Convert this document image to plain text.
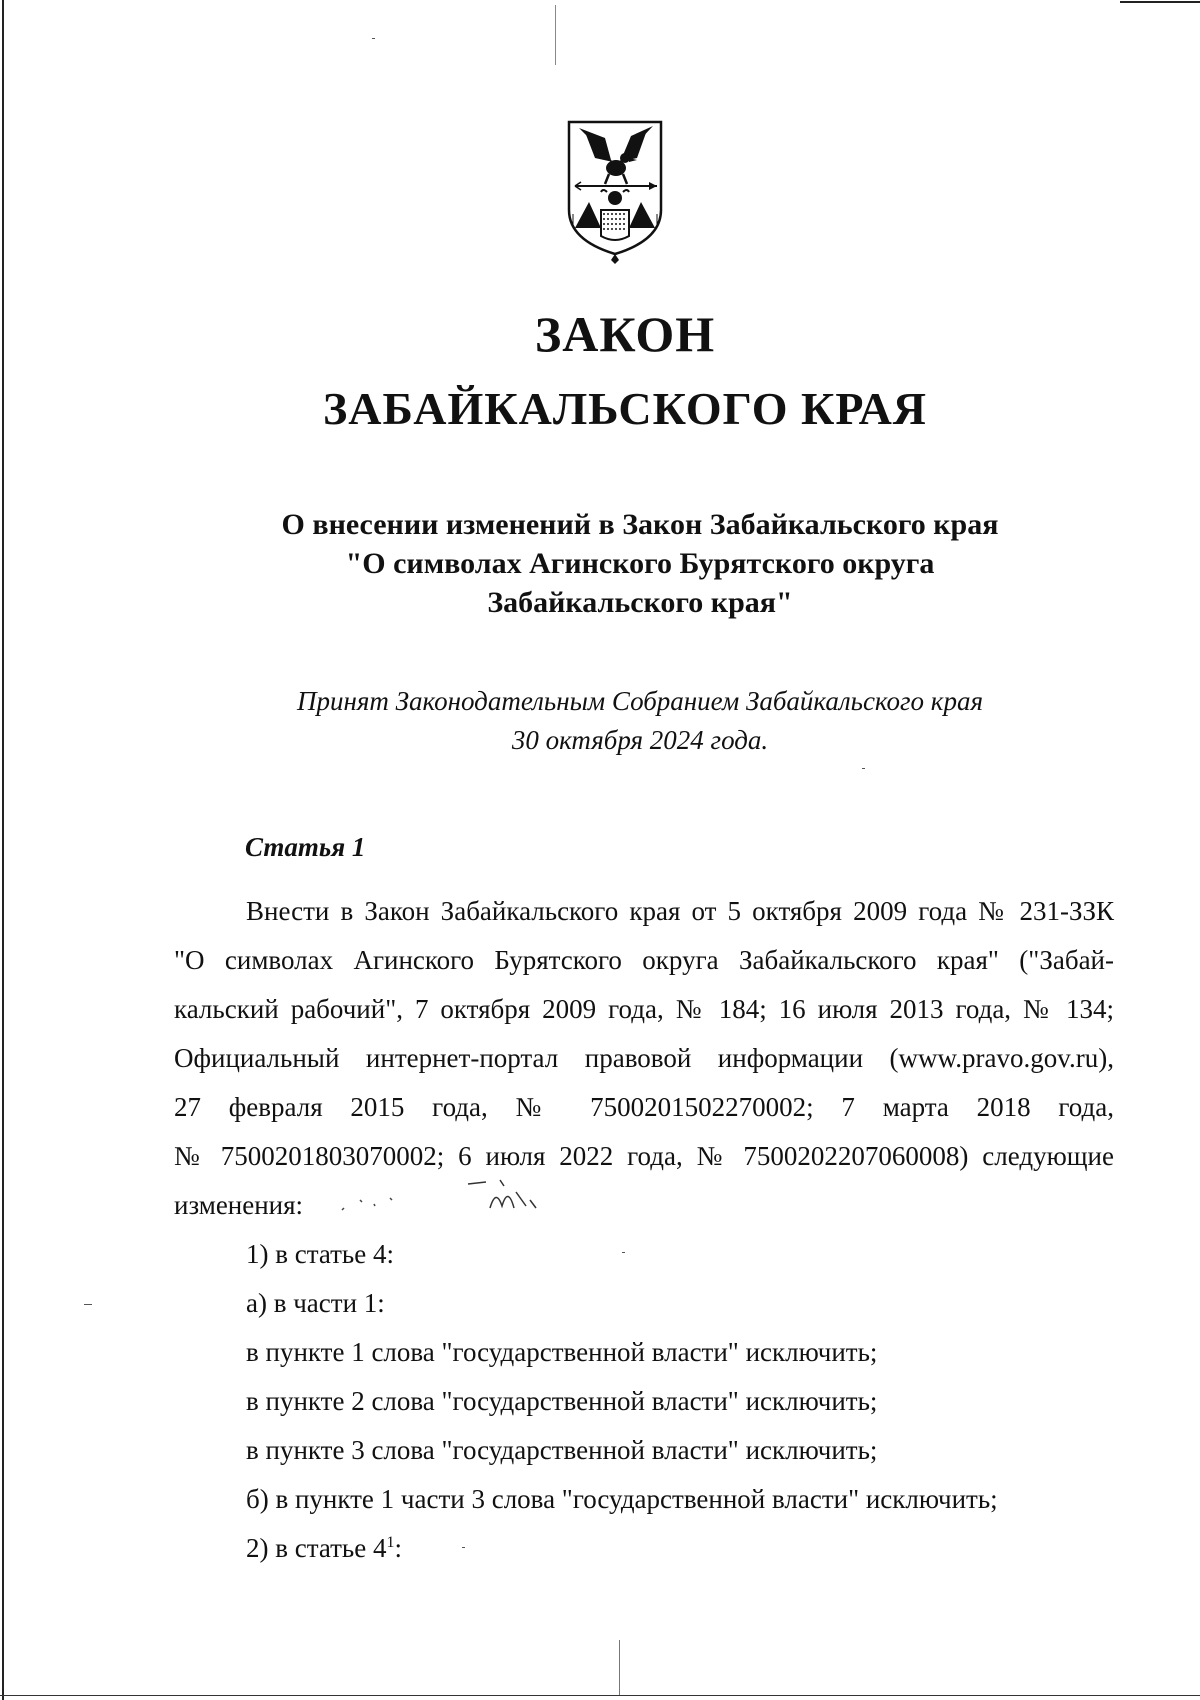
ЗАКОН
ЗАБАЙКАЛЬСКОГО КРАЯ
О внесении изменений в Закон Забайкальского края
"О символах Агинского Бурятского округа
Забайкальского края"
Принят Законодательным Собранием Забайкальского края
30 октября 2024 года.
Статья 1
Внести в Закон Забайкальского края от 5 октября 2009 года № 231-ЗЗК
"О символах Агинского Бурятского округа Забайкальского края" ("Забай-
кальский рабочий", 7 октября 2009 года, № 184; 16 июля 2013 года, № 134;
Официальный интернет-портал правовой информации (www.pravo.gov.ru),
27 февраля 2015 года, № 7500201502270002; 7 марта 2018 года,
№ 7500201803070002; 6 июля 2022 года, № 7500202207060008) следующие
изменения:
1) в статье 4:
а) в части 1:
в пункте 1 слова "государственной власти" исключить;
в пункте 2 слова "государственной власти" исключить;
в пункте 3 слова "государственной власти" исключить;
б) в пункте 1 части 3 слова "государственной власти" исключить;
2) в статье $4^1$:
